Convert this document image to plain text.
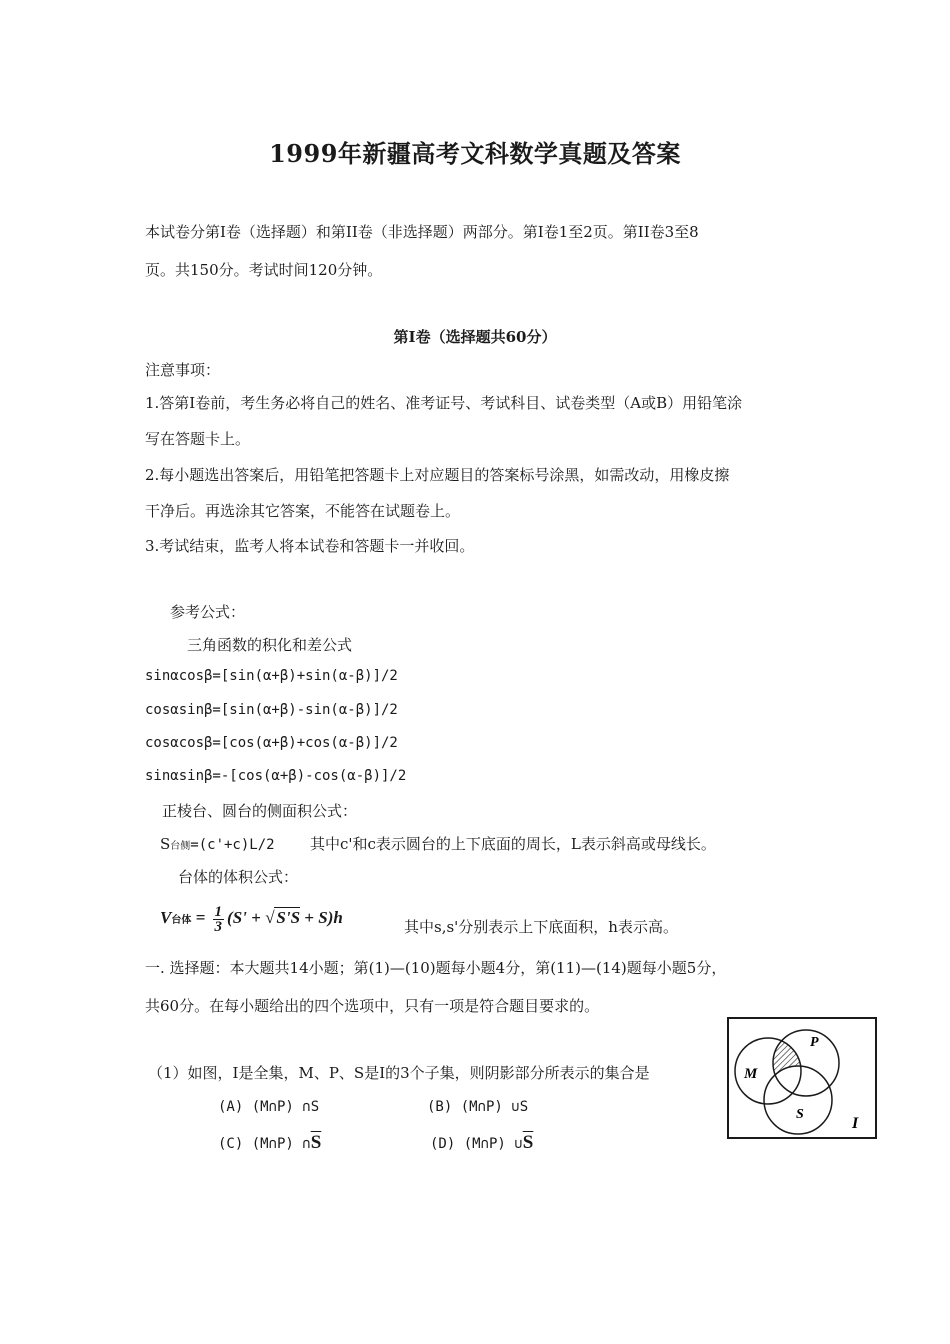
1999年新疆高考文科数学真题及答案
本试卷分第Ⅰ卷（选择题）和第II卷（非选择题）两部分。第Ⅰ卷1至2页。第II卷3至8
页。共150分。考试时间120分钟。
第Ⅰ卷（选择题共60分）
注意事项：
1.答第Ⅰ卷前，考生务必将自己的姓名、准考证号、考试科目、试卷类型（A或B）用铅笔涂
写在答题卡上。
2.每小题选出答案后，用铅笔把答题卡上对应题目的答案标号涂黑，如需改动，用橡皮擦
干净后。再选涂其它答案，不能答在试题卷上。
3.考试结束，监考人将本试卷和答题卡一并收回。
参考公式：
三角函数的积化和差公式
sinαcosβ=[sin(α+β)+sin(α-β)]/2
cosαsinβ=[sin(α+β)-sin(α-β)]/2
cosαcosβ=[cos(α+β)+cos(α-β)]/2
sinαsinβ=-[cos(α+β)-cos(α-β)]/2
正棱台、圆台的侧面积公式：
S台侧=(c'+c)L/2 其中c'和c表示圆台的上下底面的周长，L表示斜高或母线长。
台体的体积公式：
V台体 = $\frac{1}{3} (S'$ + √ S'S + S)h	其中s,s'分别表示上下底面积，h表示高。
一. 选择题：本大题共14小题；第(1)—(10)题每小题4分，第(11)—(14)题每小题5分，
共60分。在每小题给出的四个选项中，只有一项是符合题目要求的。
（1）如图，I是全集，M、P、S是I的3个子集，则阴影部分所表示的集合是
(A) (M∩P) ∩S	(B) (M∩P) ∪S
(C) (M∩P) $\cap\overline{S}$	(D) (M∩P) $\cup\overline{S}$
M
P
S
I
